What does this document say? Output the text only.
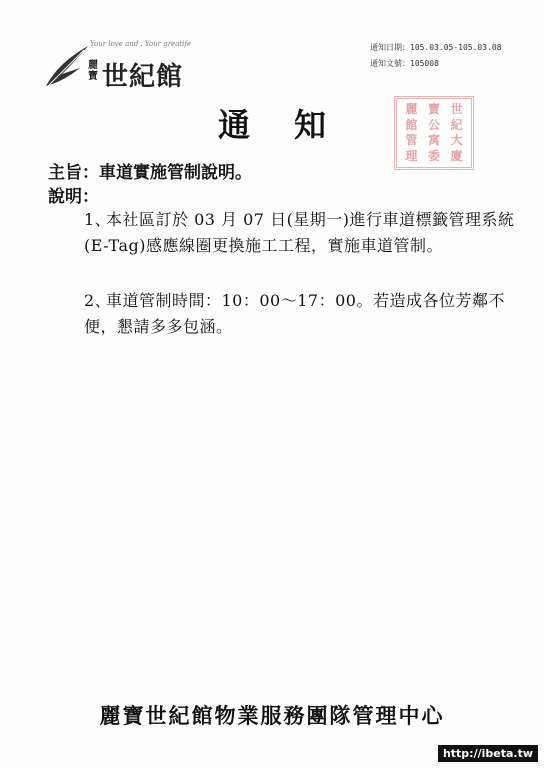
Your love and . Your greatife
麗寶 世紀館
通知日期：105.03.05-105.03.08
通知文號：105008
麗 寶 世
館 公 紀
管 寓 大
理 委 廈
通知
主旨：車道實施管制說明。
說明：
1、本社區訂於 03 月 07 日(星期一)進行車道標籤管理系統(E-Tag)感應線圈更換施工工程，實施車道管制。
2、車道管制時間：10：00～17：00。若造成各位芳鄰不便，懇請多多包涵。
麗寶世紀館物業服務團隊管理中心
http://ibeta.tw
